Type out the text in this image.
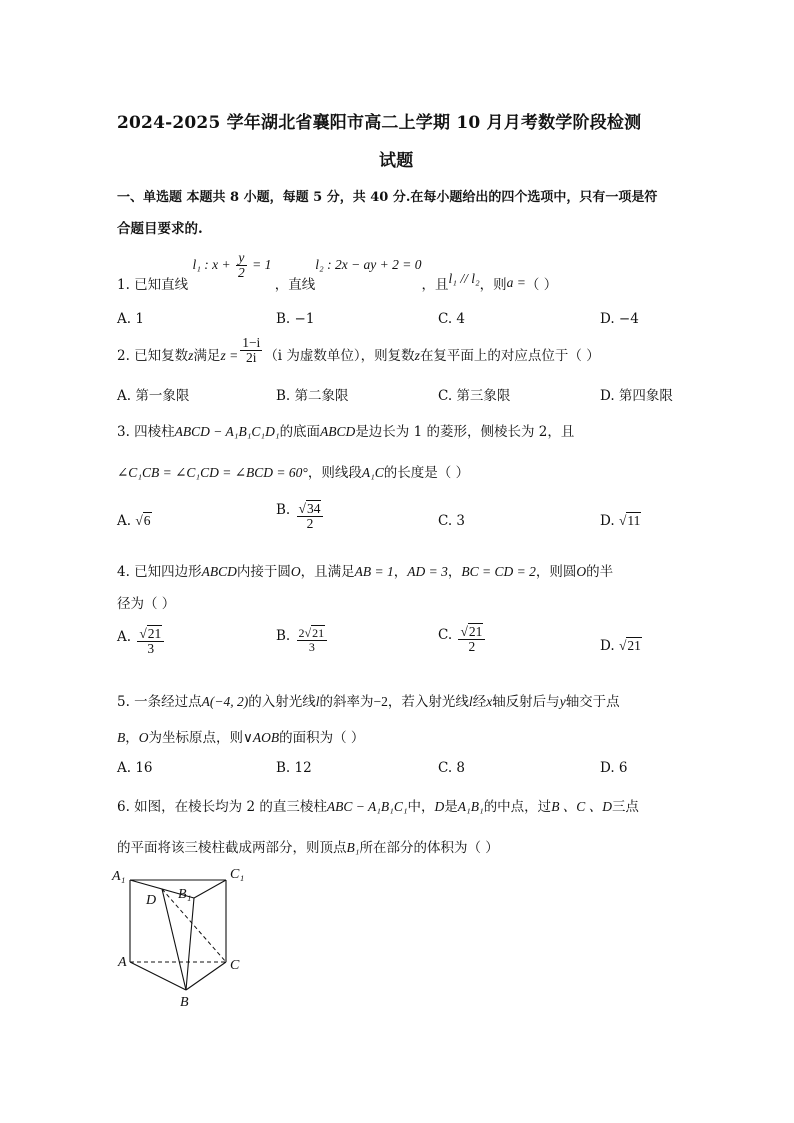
2024-2025 学年湖北省襄阳市高二上学期 10 月月考数学阶段检测
试题
一、单选题 本题共 8 小题，每题 5 分，共 40 分.在每小题给出的四个选项中，只有一项是符
合题目要求的.
1. 已知直线 l₁ : $x + \frac{y}{2} = 1$ ，直线l₂ : 2x − ay + 2 = 0，且l₁ // l₂，则a =（ ）
A. 1	B. −1	C. 4	D. −4
2. 已知复数z满足$z = \frac{1-i}{2i} (i$ 为虚数单位），则复数z在复平面上的对应点位于（ ）
A. 第一象限	B. 第二象限	C. 第三象限	D. 第四象限
3. 四棱柱ABCD − A₁B₁C₁D₁的底面ABCD是边长为 1 的菱形，侧棱长为 2，且
∠C₁CB = ∠C₁CD = ∠BCD = 60°，则线段A₁C的长度是（ ）
A. √6
B. $\frac{√34}{2}$	C. 3	D. √11
4. 已知四边形ABCD内接于圆O，且满足AB = 1，AD = 3，BC = CD = 2，则圆O的半
径为（ ）
A. $\frac{√21}{3}$	B. $\frac{2√21}{3}$	C. $\frac{√21}{2}$	D. √21
5. 一条经过点A(−4, 2)的入射光线l的斜率为−2，若入射光线l经x轴反射后与y轴交于点
B，O为坐标原点，则∨AOB的面积为（ ）
A. 16	B. 12	C. 8	D. 6
6. 如图，在棱长均为 2 的直三棱柱ABC − A₁B₁C₁中，D是A₁B₁的中点，过B 、C 、D三点
的平面将该三棱柱截成两部分，则顶点B₁所在部分的体积为（ ）
A₁	C₁
B₁
D
A	C
B
